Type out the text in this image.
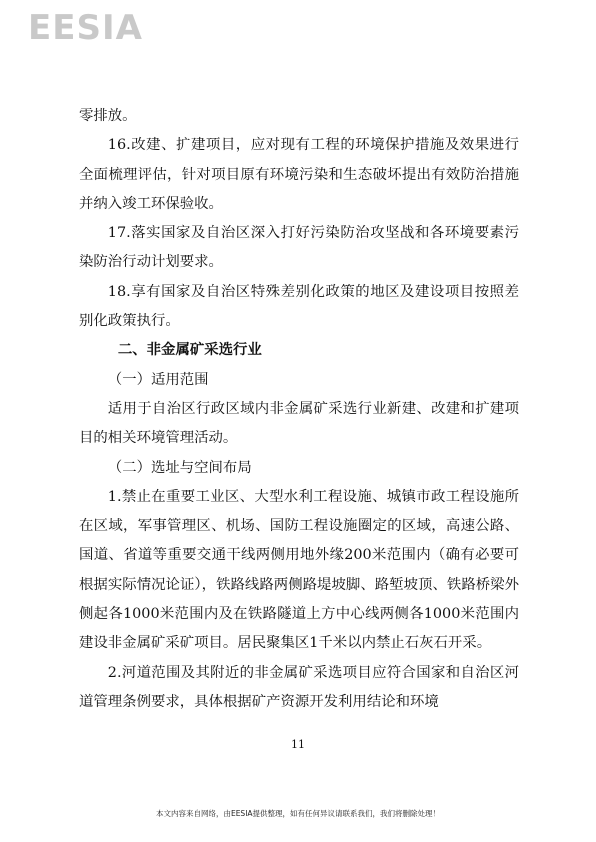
EESIA

零排放。

16.改建、扩建项目，应对现有工程的环境保护措施及效果进行全面梳理评估，针对项目原有环境污染和生态破坏提出有效防治措施并纳入竣工环保验收。

17.落实国家及自治区深入打好污染防治攻坚战和各环境要素污染防治行动计划要求。

18.享有国家及自治区特殊差别化政策的地区及建设项目按照差别化政策执行。

二、非金属矿采选行业

（一）适用范围

适用于自治区行政区域内非金属矿采选行业新建、改建和扩建项目的相关环境管理活动。

（二）选址与空间布局

1.禁止在重要工业区、大型水利工程设施、城镇市政工程设施所在区域，军事管理区、机场、国防工程设施圈定的区域，高速公路、国道、省道等重要交通干线两侧用地外缘200米范围内（确有必要可根据实际情况论证），铁路线路两侧路堤坡脚、路堑坡顶、铁路桥梁外侧起各1000米范围内及在铁路隧道上方中心线两侧各1000米范围内建设非金属矿采矿项目。居民聚集区1千米以内禁止石灰石开采。

2.河道范围及其附近的非金属矿采选项目应符合国家和自治区河道管理条例要求，具体根据矿产资源开发利用结论和环境

11
本文内容来自网络，由EESIA提供整理，如有任何异议请联系我们，我们将删除处理！
